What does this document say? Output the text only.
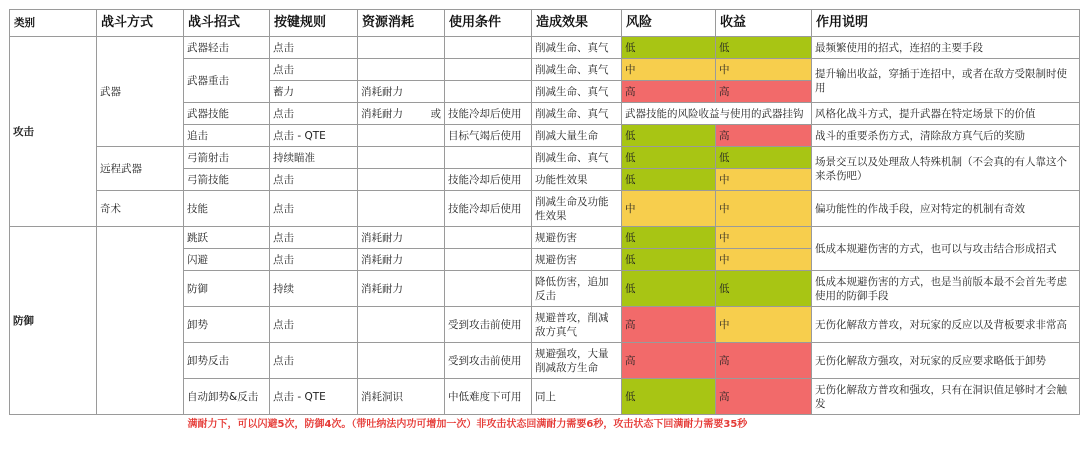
类别	战斗方式	战斗招式	按键规则	资源消耗	使用条件	造成效果	风险	收益	作用说明
攻击	武器	武器轻击	点击			削减生命、真气	低	低	最频繁使用的招式，连招的主要手段
		武器重击	点击			削减生命、真气	中	中	提升输出收益，穿插于连招中，或者在敌方受限制时使用
			蓄力	消耗耐力		削减生命、真气	高	高	
		武器技能	点击	消耗耐力 或	技能冷却后使用	削减生命、真气	武器技能的风险收益与使用的武器挂钩		风格化战斗方式，提升武器在特定场景下的价值
		追击	点击 - QTE		目标气竭后使用	削减大量生命	低	高	战斗的重要杀伤方式，清除敌方真气后的奖励
	远程武器	弓箭射击	持续瞄准			削减生命、真气	低	低	场景交互以及处理敌人特殊机制（不会真的有人靠这个来杀伤吧）
		弓箭技能	点击		技能冷却后使用	功能性效果	低	中	
	奇术	技能	点击		技能冷却后使用	削减生命及功能性效果	中	中	偏功能性的作战手段，应对特定的机制有奇效
防御		跳跃	点击	消耗耐力		规避伤害	低	中	低成本规避伤害的方式，也可以与攻击结合形成招式
		闪避	点击	消耗耐力		规避伤害	低	中	
		防御	持续	消耗耐力		降低伤害，追加反击	低	低	低成本规避伤害的方式，也是当前版本最不会首先考虑使用的防御手段
		卸势	点击		受到攻击前使用	规避普攻，削减敌方真气	高	中	无伤化解敌方普攻，对玩家的反应以及背板要求非常高
		卸势反击	点击		受到攻击前使用	规避强攻，大量削减敌方生命	高	高	无伤化解敌方强攻，对玩家的反应要求略低于卸势
		自动卸势&反击	点击 - QTE	消耗洞识	中低难度下可用	同上	低	高	无伤化解敌方普攻和强攻，只有在洞识值足够时才会触发
		满耐力下，可以闪避5次，防御4次。（带吐纳法内功可增加一次）非攻击状态回满耐力需要6秒，攻击状态下回满耐力需要35秒							
